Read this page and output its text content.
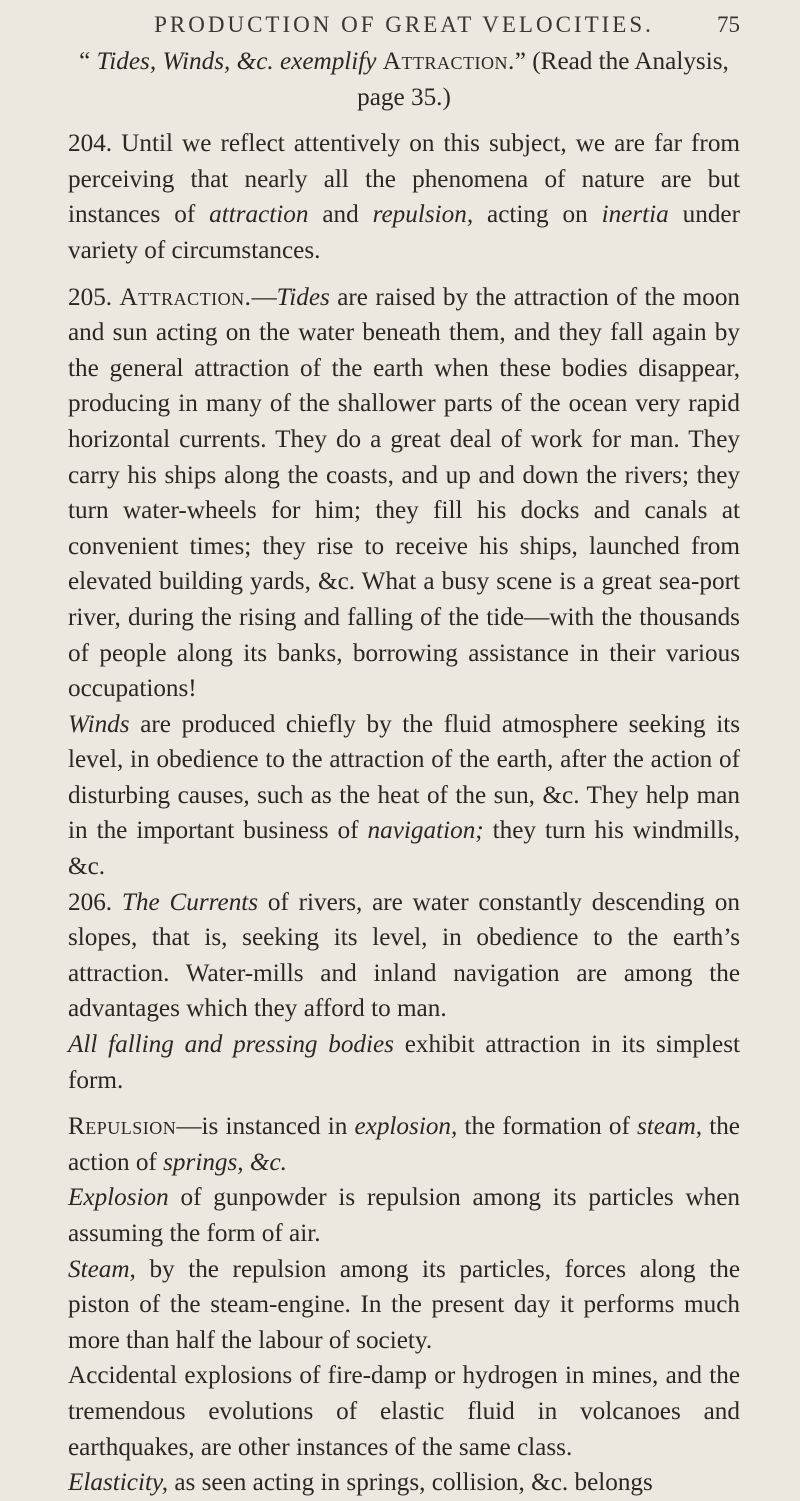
PRODUCTION OF GREAT VELOCITIES.	75

“ Tides, Winds, &c. exemplify Attraction.” (Read the Analysis, page 35.)

204. Until we reflect attentively on this subject, we are far from perceiving that nearly all the phenomena of nature are but instances of attraction and repulsion, acting on inertia under variety of circumstances.

205. Attraction.—Tides are raised by the attraction of the moon and sun acting on the water beneath them, and they fall again by the general attraction of the earth when these bodies disappear, producing in many of the shallower parts of the ocean very rapid horizontal currents. They do a great deal of work for man. They carry his ships along the coasts, and up and down the rivers; they turn water-wheels for him; they fill his docks and canals at convenient times; they rise to receive his ships, launched from elevated building yards, &c. What a busy scene is a great sea-port river, during the rising and falling of the tide—with the thousands of people along its banks, borrowing assistance in their various occupations!

Winds are produced chiefly by the fluid atmosphere seeking its level, in obedience to the attraction of the earth, after the action of disturbing causes, such as the heat of the sun, &c. They help man in the important business of navigation; they turn his windmills, &c.

206. The Currents of rivers, are water constantly descending on slopes, that is, seeking its level, in obedience to the earth’s attraction. Water-mills and inland navigation are among the advantages which they afford to man.

All falling and pressing bodies exhibit attraction in its simplest form.

Repulsion—is instanced in explosion, the formation of steam, the action of springs, &c.

Explosion of gunpowder is repulsion among its particles when assuming the form of air.

Steam, by the repulsion among its particles, forces along the piston of the steam-engine. In the present day it performs much more than half the labour of society.

Accidental explosions of fire-damp or hydrogen in mines, and the tremendous evolutions of elastic fluid in volcanoes and earthquakes, are other instances of the same class.

Elasticity, as seen acting in springs, collision, &c. belongs
